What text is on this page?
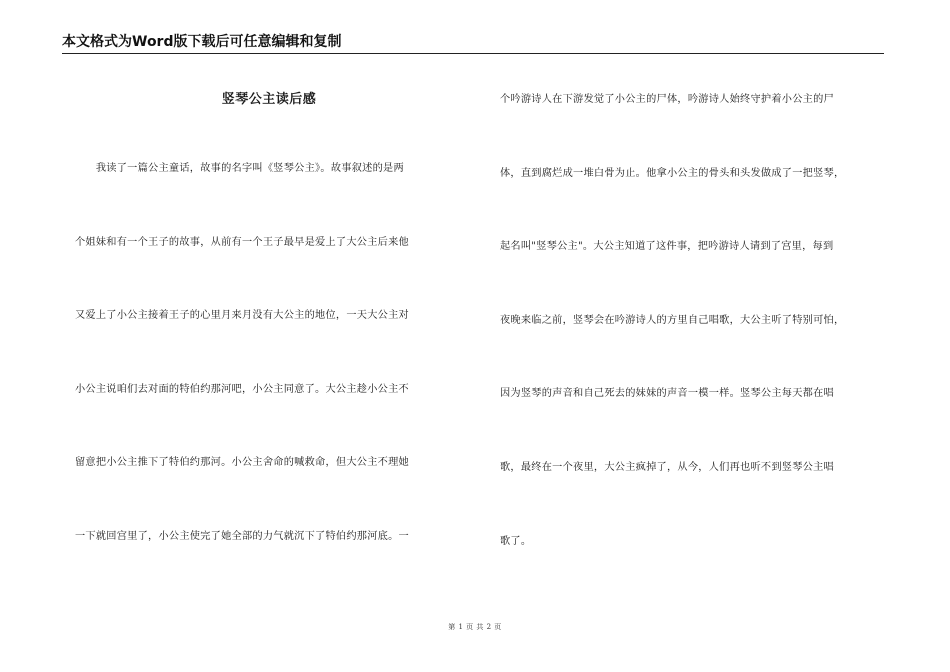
本文格式为Word版下载后可任意编辑和复制
竖琴公主读后感
　　我读了一篇公主童话，故事的名字叫《竖琴公主》。故事叙述的是两
个姐妹和有一个王子的故事，从前有一个王子最早是爱上了大公主后来他
又爱上了小公主接着王子的心里月来月没有大公主的地位，一天大公主对
小公主说咱们去对面的特伯约那河吧，小公主同意了。大公主趁小公主不
留意把小公主推下了特伯约那河。小公主舍命的喊救命，但大公主不理她
一下就回宫里了，小公主使完了她全部的力气就沉下了特伯约那河底。一
个吟游诗人在下游发觉了小公主的尸体，吟游诗人始终守护着小公主的尸
体，直到腐烂成一堆白骨为止。他拿小公主的骨头和头发做成了一把竖琴，
起名叫"竖琴公主"。大公主知道了这件事，把吟游诗人请到了宫里，每到
夜晚来临之前，竖琴会在吟游诗人的方里自己唱歌，大公主听了特别可怕，
因为竖琴的声音和自己死去的妹妹的声音一模一样。竖琴公主每天都在唱
歌，最终在一个夜里，大公主疯掉了，从今，人们再也听不到竖琴公主唱
歌了。
第 1 页 共 2 页
